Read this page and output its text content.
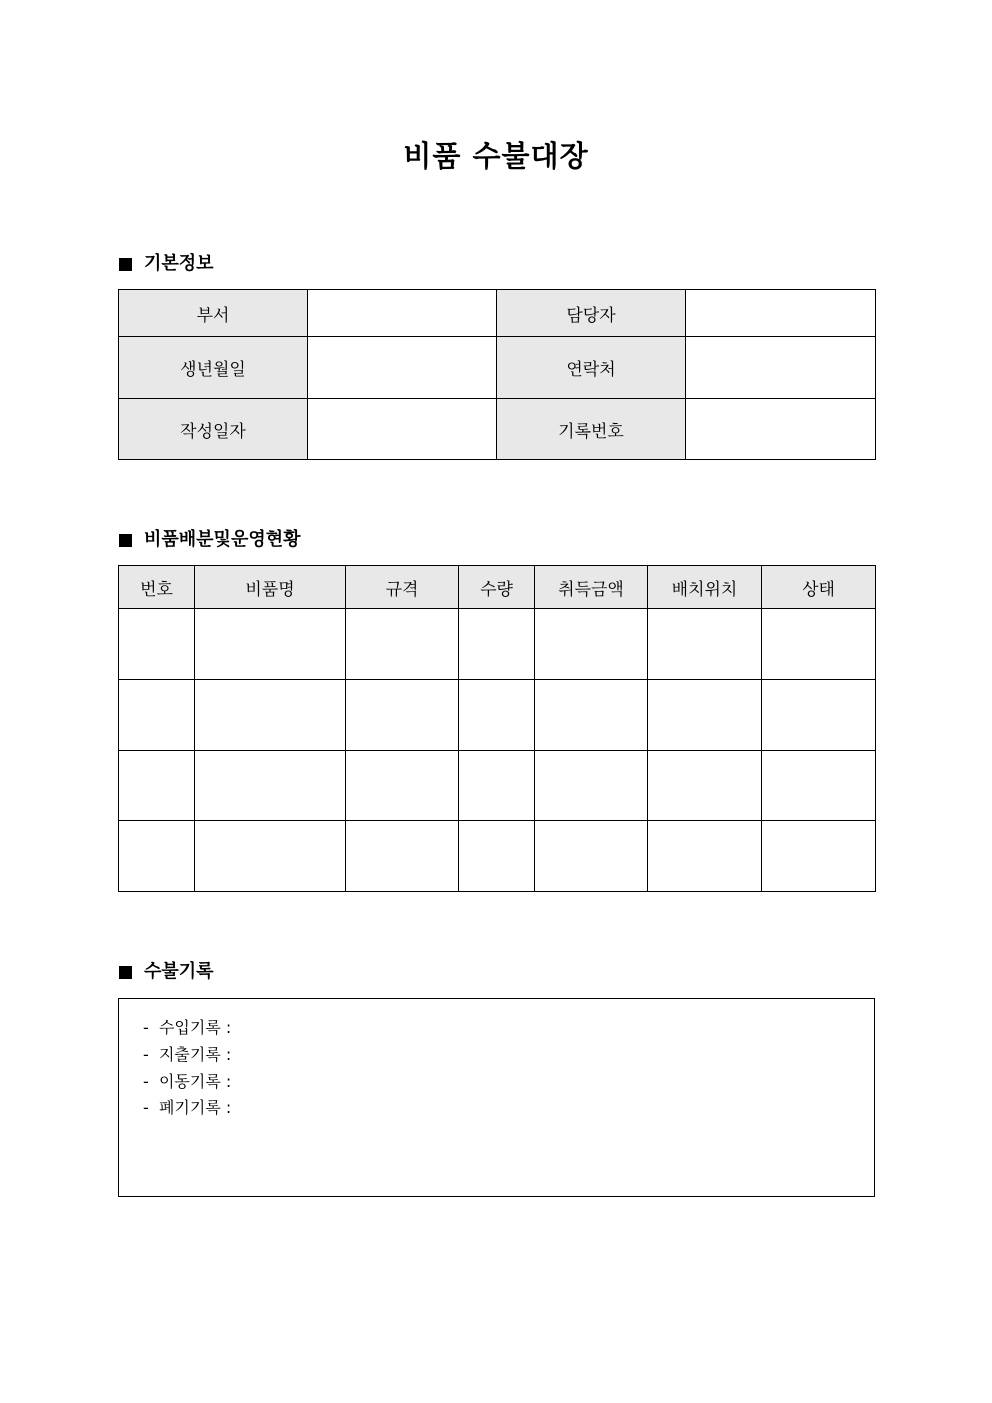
비품 수불대장
기본정보
부서		담당자	
생년월일		연락처	
작성일자		기록번호	
비품배분및운영현황
번호	비품명	규격	수량	취득금액	배치위치	상태

수불기록
-  수입기록 :
-  지출기록 :
-  이동기록 :
-  폐기기록 :
